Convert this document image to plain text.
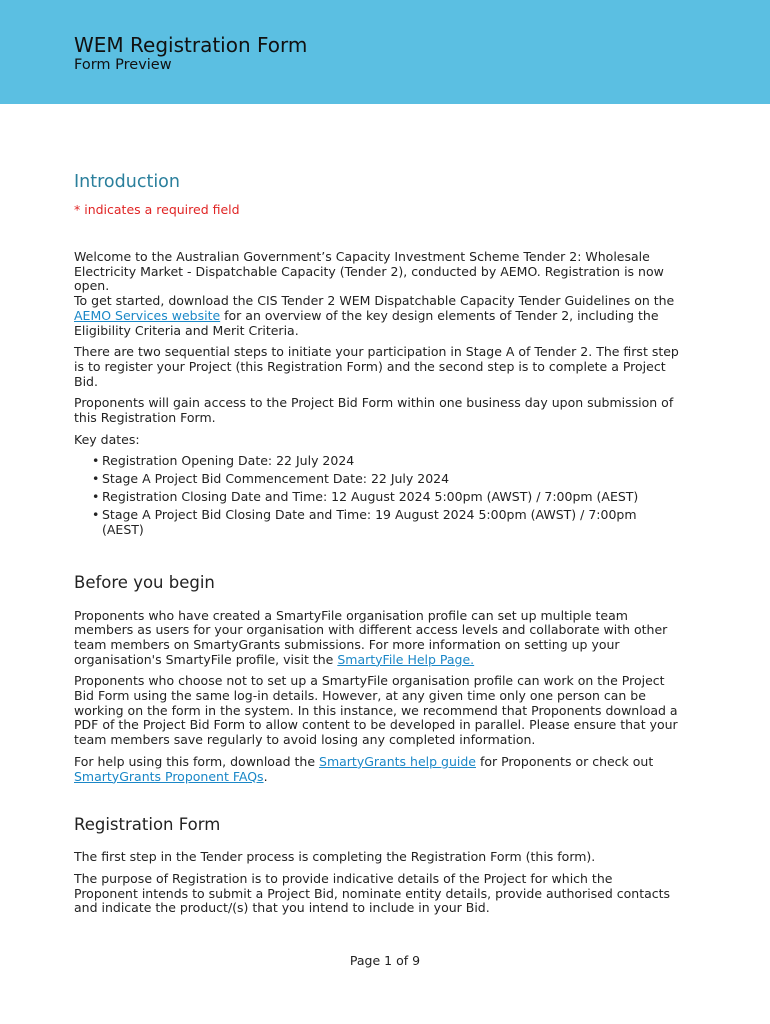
WEM Registration Form
Form Preview
Introduction
* indicates a required field

Welcome to the Australian Government’s Capacity Investment Scheme Tender 2: Wholesale Electricity Market - Dispatchable Capacity (Tender 2), conducted by AEMO. Registration is now open.

To get started, download the CIS Tender 2 WEM Dispatchable Capacity Tender Guidelines on the AEMO Services website for an overview of the key design elements of Tender 2, including the Eligibility Criteria and Merit Criteria.

There are two sequential steps to initiate your participation in Stage A of Tender 2. The first step is to register your Project (this Registration Form) and the second step is to complete a Project Bid.

Proponents will gain access to the Project Bid Form within one business day upon submission of this Registration Form.

Key dates:

• Registration Opening Date: 22 July 2024
• Stage A Project Bid Commencement Date: 22 July 2024
• Registration Closing Date and Time: 12 August 2024 5:00pm (AWST) / 7:00pm (AEST)
• Stage A Project Bid Closing Date and Time: 19 August 2024 5:00pm (AWST) / 7:00pm (AEST)
Before you begin

Proponents who have created a SmartyFile organisation profile can set up multiple team members as users for your organisation with different access levels and collaborate with other team members on SmartyGrants submissions. For more information on setting up your organisation's SmartyFile profile, visit the SmartyFile Help Page.

Proponents who choose not to set up a SmartyFile organisation profile can work on the Project Bid Form using the same log-in details. However, at any given time only one person can be working on the form in the system. In this instance, we recommend that Proponents download a PDF of the Project Bid Form to allow content to be developed in parallel. Please ensure that your team members save regularly to avoid losing any completed information.

For help using this form, download the SmartyGrants help guide for Proponents or check out SmartyGrants Proponent FAQs.

Registration Form

The first step in the Tender process is completing the Registration Form (this form).

The purpose of Registration is to provide indicative details of the Project for which the Proponent intends to submit a Project Bid, nominate entity details, provide authorised contacts and indicate the product/(s) that you intend to include in your Bid.

Page 1 of 9
